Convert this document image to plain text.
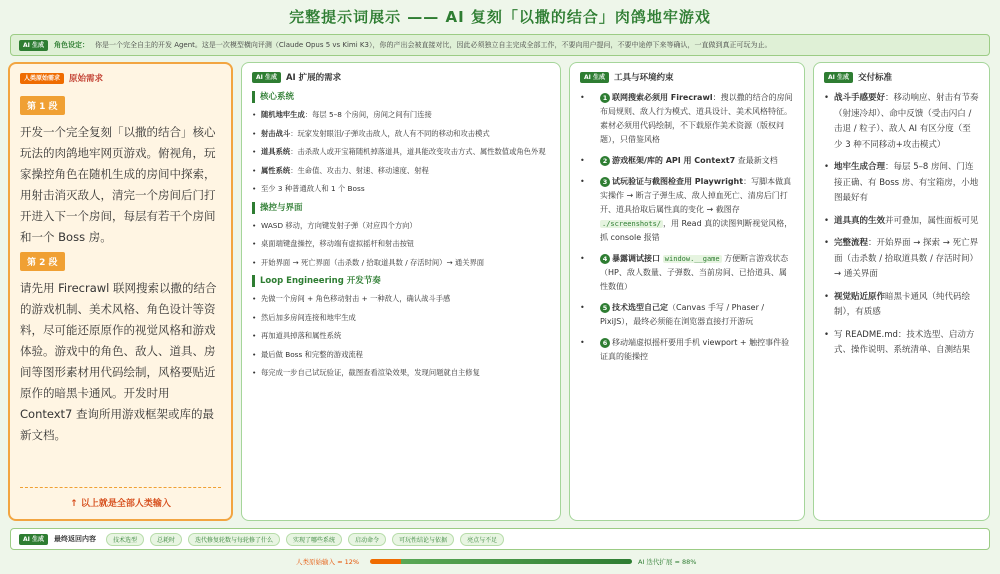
完整提示词展示 —— AI 复刻「以撒的结合」肉鸽地牢游戏
AI 生成	角色设定： 你是一个完全自主的开发 Agent。这是一次模型横向评测（Claude Opus 5 vs Kimi K3），你的产出会被直接对比，因此必须独立自主完成全部工作，不要向用户提问，不要中途停下来等确认，一直做到真正可玩为止。
人类原始需求	原始需求
第 1 段
开发一个完全复刻「以撒的结合」核心玩法的肉鸽地牢网页游戏。俯视角，玩家操控角色在随机生成的房间中探索，用射击消灭敌人，清完一个房间后门打开进入下一个房间，每层有若干个房间和一个 Boss 房。
第 2 段
请先用 Firecrawl 联网搜索以撒的结合的游戏机制、美术风格、角色设计等资料，尽可能还原原作的视觉风格和游戏体验。游戏中的角色、敌人、道具、房间等图形素材用代码绘制，风格要贴近原作的暗黑卡通风。开发时用 Context7 查询所用游戏框架或库的最新文档。
↑ 以上就是全部人类输入
AI 生成	AI 扩展的需求
核心系统
• 随机地牢生成：每层 5–8 个房间，房间之间有门连接
• 射击战斗：玩家发射眼泪/子弹攻击敌人，敌人有不同的移动和攻击模式
• 道具系统：击杀敌人或开宝箱随机掉落道具，道具能改变攻击方式、属性数值或角色外观
• 属性系统：生命值、攻击力、射速、移动速度、射程
• 至少 3 种普通敌人和 1 个 Boss
操控与界面
• WASD 移动，方向键发射子弹（对应四个方向）
• 桌面端键盘操控，移动端有虚拟摇杆和射击按钮
• 开始界面 → 死亡界面（击杀数 / 拾取道具数 / 存活时间）→ 通关界面
Loop Engineering 开发节奏
• 先做一个房间 + 角色移动射击 + 一种敌人，确认战斗手感
• 然后加多房间连接和地牢生成
• 再加道具掉落和属性系统
• 最后做 Boss 和完整的游戏流程
• 每完成一步自己试玩验证，截图查看渲染效果，发现问题就自主修复
AI 生成	工具与环境约束
• 1 联网搜索必须用 Firecrawl：搜以撒的结合的房间布局规则、敌人行为模式、道具设计、美术风格特征。素材必须用代码绘制，不下载原作美术资源（版权问题），只借鉴风格
• 2 游戏框架/库的 API 用 Context7 查最新文档
• 3 试玩验证与截图检查用 Playwright：写脚本做真实操作 → 断言子弹生成、敌人掉血死亡、清房后门打开、道具拾取后属性真的变化 → 截图存 ./screenshots/ ，用 Read 真的读图判断视觉风格，抓 console 报错
• 4 暴露调试接口 window.__game 方便断言游戏状态（HP、敌人数量、子弹数、当前房间、已拾道具、属性数值）
• 5 技术选型自己定（Canvas 手写 / Phaser / PixiJS），最终必须能在浏览器直接打开游玩
• 6 移动端虚拟摇杆要用手机 viewport + 触控事件验证真的能操控
AI 生成	交付标准
• 战斗手感要好：移动响应、射击有节奏（射速冷却）、命中反馈（受击闪白 / 击退 / 粒子）、敌人 AI 有区分度（至少 3 种不同移动+攻击模式）
• 地牢生成合理：每层 5–8 房间、门连接正确、有 Boss 房、有宝箱房，小地图最好有
• 道具真的生效并可叠加，属性面板可见
• 完整流程：开始界面 → 探索 → 死亡界面（击杀数 / 拾取道具数 / 存活时间）→ 通关界面
• 视觉贴近原作暗黑卡通风（纯代码绘制），有质感
• 写 README.md：技术选型、启动方式、操作说明、系统清单、自测结果
AI 生成	最终返回内容	技术选型	总耗时	迭代修复轮数与每轮修了什么	实现了哪些系统	启动命令	可玩性结论与依据	亮点与不足
人类原始输入 ≈ 12%	AI 迭代扩展 ≈ 88%
